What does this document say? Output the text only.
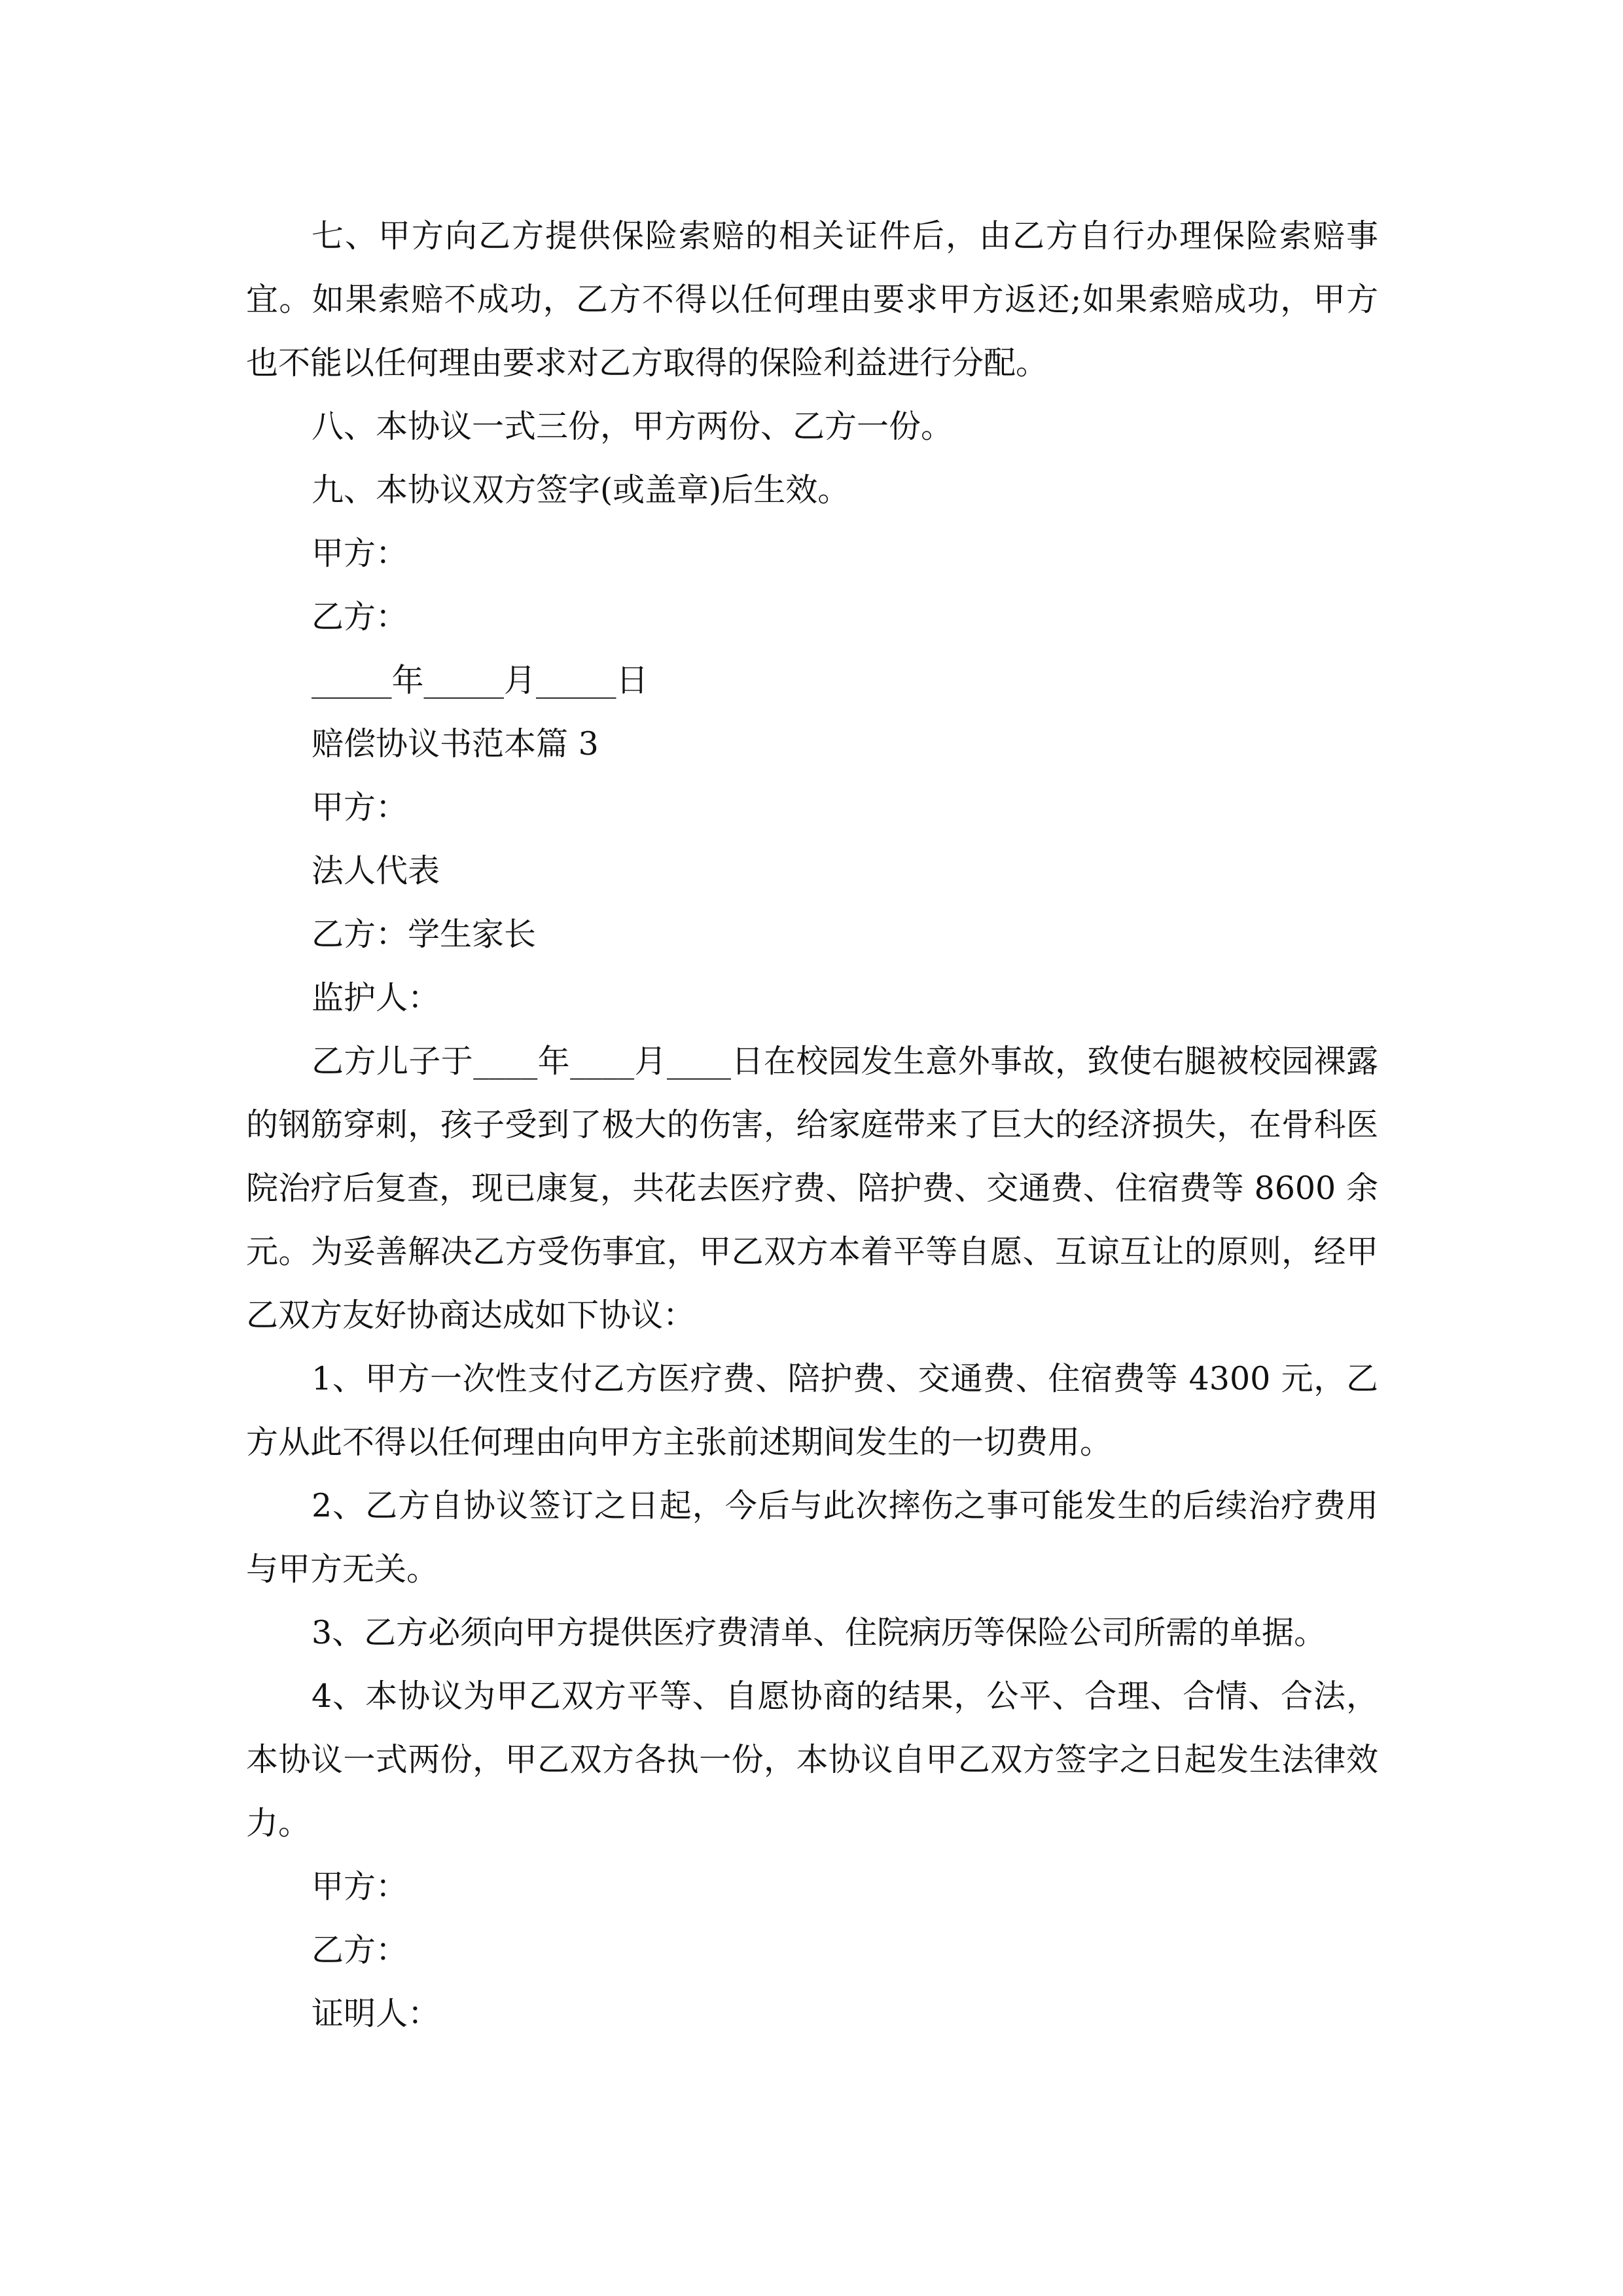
七、甲方向乙方提供保险索赔的相关证件后，由乙方自行办理保险索赔事宜。如果索赔不成功，乙方不得以任何理由要求甲方返还;如果索赔成功，甲方也不能以任何理由要求对乙方取得的保险利益进行分配。

八、本协议一式三份，甲方两份、乙方一份。

九、本协议双方签字(或盖章)后生效。

甲方：

乙方：

_____年_____月_____日

赔偿协议书范本篇 3

甲方：

法人代表

乙方：学生家长

监护人：

乙方儿子于____年____月____日在校园发生意外事故，致使右腿被校园裸露的钢筋穿刺，孩子受到了极大的伤害，给家庭带来了巨大的经济损失，在骨科医院治疗后复查，现已康复，共花去医疗费、陪护费、交通费、住宿费等 8600 余元。为妥善解决乙方受伤事宜，甲乙双方本着平等自愿、互谅互让的原则，经甲乙双方友好协商达成如下协议：

1、甲方一次性支付乙方医疗费、陪护费、交通费、住宿费等 4300 元，乙方从此不得以任何理由向甲方主张前述期间发生的一切费用。

2、乙方自协议签订之日起，今后与此次摔伤之事可能发生的后续治疗费用与甲方无关。

3、乙方必须向甲方提供医疗费清单、住院病历等保险公司所需的单据。

4、本协议为甲乙双方平等、自愿协商的结果，公平、合理、合情、合法，本协议一式两份，甲乙双方各执一份，本协议自甲乙双方签字之日起发生法律效力。

甲方：

乙方：

证明人：
